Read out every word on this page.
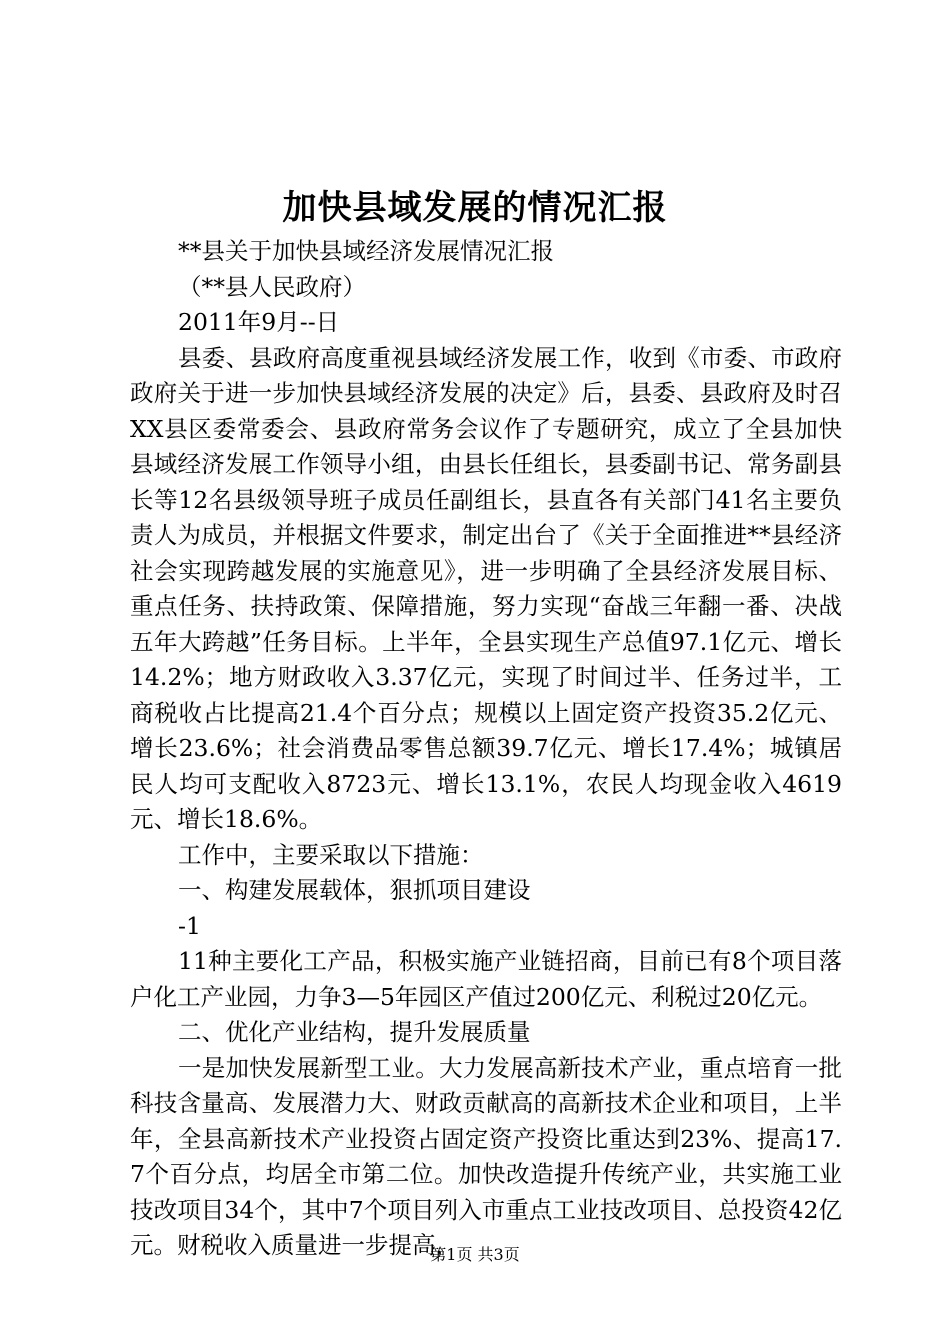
加快县域发展的情况汇报

**县关于加快县域经济发展情况汇报

（**县人民政府）

2011年9月--日

县委、县政府高度重视县域经济发展工作，收到《市委、市政府政府关于进一步加快县域经济发展的决定》后，县委、县政府及时召XX县区委常委会、县政府常务会议作了专题研究，成立了全县加快县域经济发展工作领导小组，由县长任组长，县委副书记、常务副县长等12名县级领导班子成员任副组长，县直各有关部门41名主要负责人为成员，并根据文件要求，制定出台了《关于全面推进**县经济社会实现跨越发展的实施意见》，进一步明确了全县经济发展目标、重点任务、扶持政策、保障措施，努力实现“奋战三年翻一番、决战五年大跨越”任务目标。上半年，全县实现生产总值97.1亿元、增长14.2%；地方财政收入3.37亿元，实现了时间过半、任务过半，工商税收占比提高21.4个百分点；规模以上固定资产投资35.2亿元、增长23.6%；社会消费品零售总额39.7亿元、增长17.4%；城镇居民人均可支配收入8723元、增长13.1%，农民人均现金收入4619元、增长18.6%。

工作中，主要采取以下措施：

一、构建发展载体，狠抓项目建设

-1

11种主要化工产品，积极实施产业链招商，目前已有8个项目落户化工产业园，力争3—5年园区产值过200亿元、利税过20亿元。

二、优化产业结构，提升发展质量

一是加快发展新型工业。大力发展高新技术产业，重点培育一批科技含量高、发展潜力大、财政贡献高的高新技术企业和项目，上半年，全县高新技术产业投资占固定资产投资比重达到23%、提高17.7个百分点，均居全市第二位。加快改造提升传统产业，共实施工业技改项目34个，其中7个项目列入市重点工业技改项目、总投资42亿元。财税收入质量进一步提高，

第1页 共3页
